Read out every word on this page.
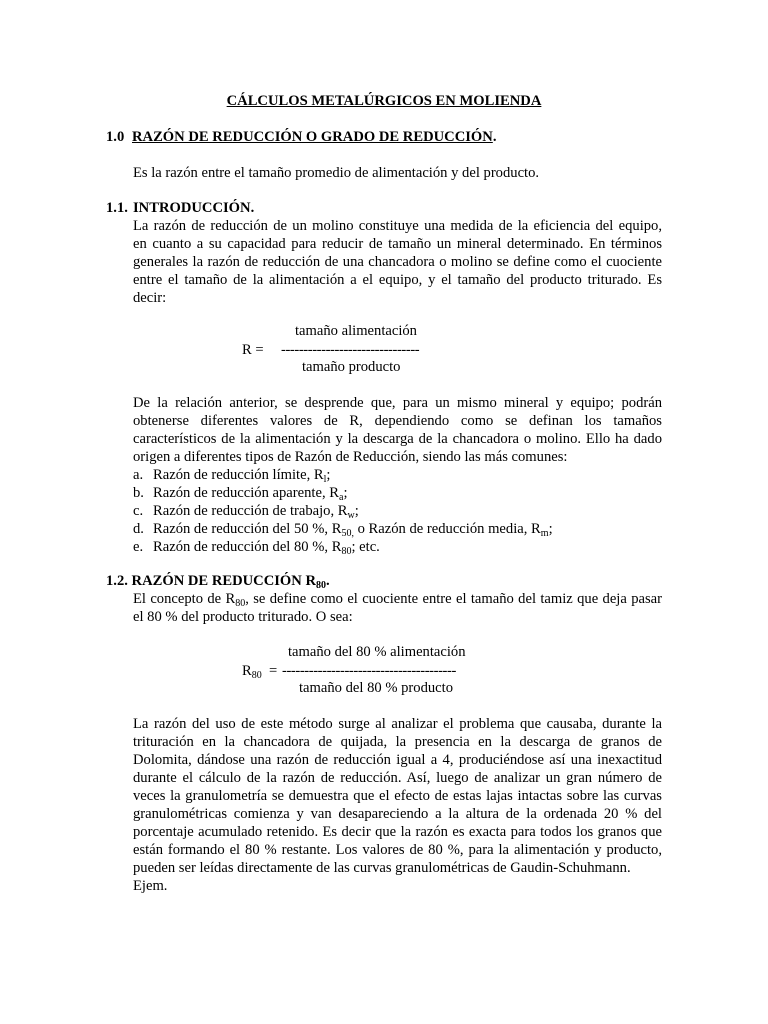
CÁLCULOS METALÚRGICOS EN MOLIENDA
1.0 RAZÓN DE REDUCCIÓN O GRADO DE REDUCCIÓN.
Es la razón entre el tamaño promedio de alimentación y del producto.
1.1. INTRODUCCIÓN.
La razón de reducción de un molino constituye una medida de la eficiencia del equipo,
en cuanto a su capacidad para reducir de tamaño un mineral determinado. En términos
generales la razón de reducción de una chancadora o molino se define como el cuociente
entre el tamaño de la alimentación a el equipo, y el tamaño del producto triturado. Es
decir:
tamaño alimentación
R = -------------------------------
tamaño producto
De la relación anterior, se desprende que, para un mismo mineral y equipo; podrán
obtenerse diferentes valores de R, dependiendo como se definan los tamaños
característicos de la alimentación y la descarga de la chancadora o molino. Ello ha dado
origen a diferentes tipos de Razón de Reducción, siendo las más comunes:
a. Razón de reducción límite, $R_l$;
b. Razón de reducción aparente, $R_a$;
c. Razón de reducción de trabajo, $R_w$;
d. Razón de reducción del 50 %, $R_{50,}$ o Razón de reducción media, $R_m$;
e. Razón de reducción del 80 %, $R_{80}$; etc.
1.2. RAZÓN DE REDUCCIÓN $R_{80}$.
El concepto de $R_{80}$, se define como el cuociente entre el tamaño del tamiz que deja pasar
el 80 % del producto triturado. O sea:
tamaño del 80 % alimentación
$R_{80}$ = ---------------------------------------
tamaño del 80 % producto
La razón del uso de este método surge al analizar el problema que causaba, durante la
trituración en la chancadora de quijada, la presencia en la descarga de granos de
Dolomita, dándose una razón de reducción igual a 4, produciéndose así una inexactitud
durante el cálculo de la razón de reducción. Así, luego de analizar un gran número de
veces la granulometría se demuestra que el efecto de estas lajas intactas sobre las curvas
granulométricas comienza y van desapareciendo a la altura de la ordenada 20 % del
porcentaje acumulado retenido. Es decir que la razón es exacta para todos los granos que
están formando el 80 % restante. Los valores de 80 %, para la alimentación y producto,
pueden ser leídas directamente de las curvas granulométricas de Gaudin-Schuhmann.
Ejem.
